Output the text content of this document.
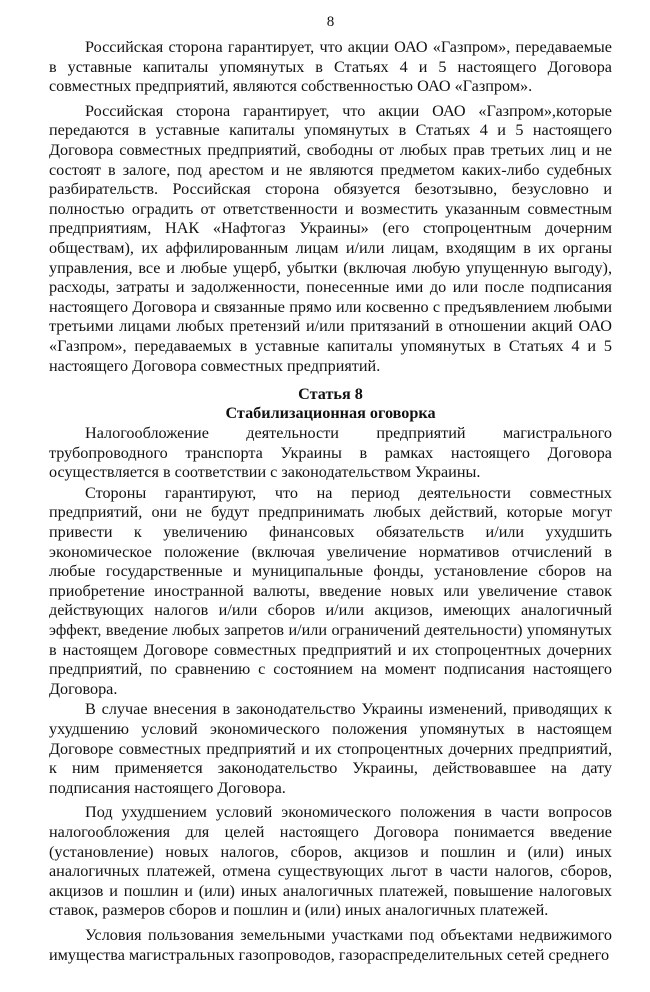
8

Российская сторона гарантирует, что акции ОАО «Газпром», передаваемые в уставные капиталы упомянутых в Статьях 4 и 5 настоящего Договора совместных предприятий, являются собственностью ОАО «Газпром».

Российская сторона гарантирует, что акции ОАО «Газпром»,которые передаются в уставные капиталы упомянутых в Статьях 4 и 5 настоящего Договора совместных предприятий, свободны от любых прав третьих лиц и не состоят в залоге, под арестом и не являются предметом каких-либо судебных разбирательств. Российская сторона обязуется безотзывно, безусловно и полностью оградить от ответственности и возместить указанным совместным предприятиям, НАК «Нафтогаз Украины» (его стопроцентным дочерним обществам), их аффилированным лицам и/или лицам, входящим в их органы управления, все и любые ущерб, убытки (включая любую упущенную выгоду), расходы, затраты и задолженности, понесенные ими до или после подписания настоящего Договора и связанные прямо или косвенно с предъявлением любыми третьими лицами любых претензий и/или притязаний в отношении акций ОАО «Газпром», передаваемых в уставные капиталы упомянутых в Статьях 4 и 5 настоящего Договора совместных предприятий.

Статья 8
Стабилизационная оговорка

Налогообложение деятельности предприятий магистрального трубопроводного транспорта Украины в рамках настоящего Договора осуществляется в соответствии с законодательством Украины.

Стороны гарантируют, что на период деятельности совместных предприятий, они не будут предпринимать любых действий, которые могут привести к увеличению финансовых обязательств и/или ухудшить экономическое положение (включая увеличение нормативов отчислений в любые государственные и муниципальные фонды, установление сборов на приобретение иностранной валюты, введение новых или увеличение ставок действующих налогов и/или сборов и/или акцизов, имеющих аналогичный эффект, введение любых запретов и/или ограничений деятельности) упомянутых в настоящем Договоре совместных предприятий и их стопроцентных дочерних предприятий, по сравнению с состоянием на момент подписания настоящего Договора.

В случае внесения в законодательство Украины изменений, приводящих к ухудшению условий экономического положения упомянутых в настоящем Договоре совместных предприятий и их стопроцентных дочерних предприятий, к ним применяется законодательство Украины, действовавшее на дату подписания настоящего Договора.

Под ухудшением условий экономического положения в части вопросов налогообложения для целей настоящего Договора понимается введение (установление) новых налогов, сборов, акцизов и пошлин и (или) иных аналогичных платежей, отмена существующих льгот в части налогов, сборов, акцизов и пошлин и (или) иных аналогичных платежей, повышение налоговых ставок, размеров сборов и пошлин и (или) иных аналогичных платежей.

Условия пользования земельными участками под объектами недвижимого имущества магистральных газопроводов, газораспределительных сетей среднего
